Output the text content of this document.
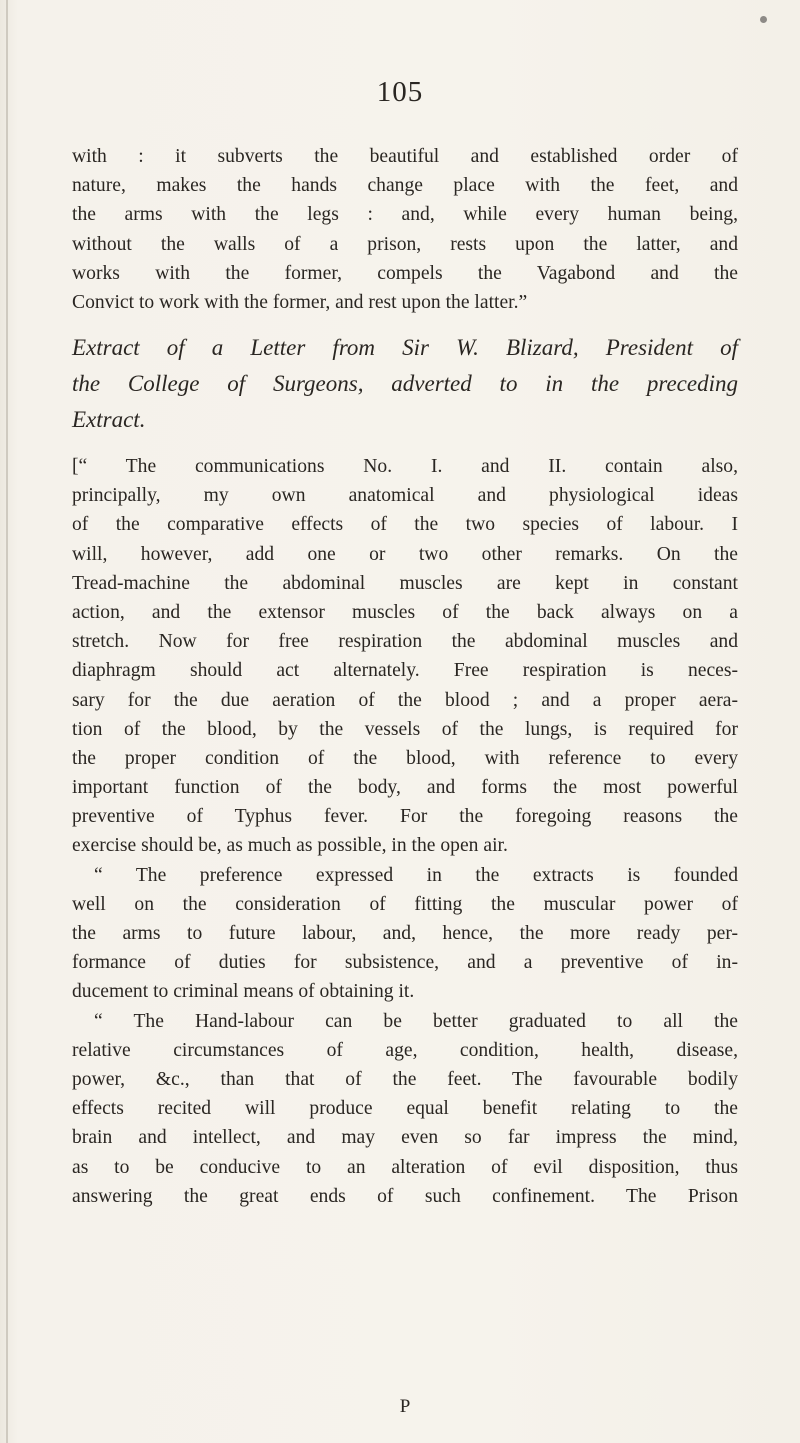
105
with : it subverts the beautiful and established order of
nature, makes the hands change place with the feet, and
the arms with the legs : and, while every human being,
without the walls of a prison, rests upon the latter, and
works with the former, compels the Vagabond and the
Convict to work with the former, and rest upon the latter.”
Extract of a Letter from Sir W. Blizard, President of
the College of Surgeons, adverted to in the preceding
Extract.
[“ The communications No. I. and II. contain also,
principally, my own anatomical and physiological ideas
of the comparative effects of the two species of labour. I
will, however, add one or two other remarks. On the
Tread-machine the abdominal muscles are kept in constant
action, and the extensor muscles of the back always on a
stretch. Now for free respiration the abdominal muscles and
diaphragm should act alternately. Free respiration is neces-
sary for the due aeration of the blood ; and a proper aera-
tion of the blood, by the vessels of the lungs, is required for
the proper condition of the blood, with reference to every
important function of the body, and forms the most powerful
preventive of Typhus fever. For the foregoing reasons the
exercise should be, as much as possible, in the open air.
“ The preference expressed in the extracts is founded
well on the consideration of fitting the muscular power of
the arms to future labour, and, hence, the more ready per-
formance of duties for subsistence, and a preventive of in-
ducement to criminal means of obtaining it.
“ The Hand-labour can be better graduated to all the
relative circumstances of age, condition, health, disease,
power, &c., than that of the feet. The favourable bodily
effects recited will produce equal benefit relating to the
brain and intellect, and may even so far impress the mind,
as to be conducive to an alteration of evil disposition, thus
answering the great ends of such confinement. The Prison
P
